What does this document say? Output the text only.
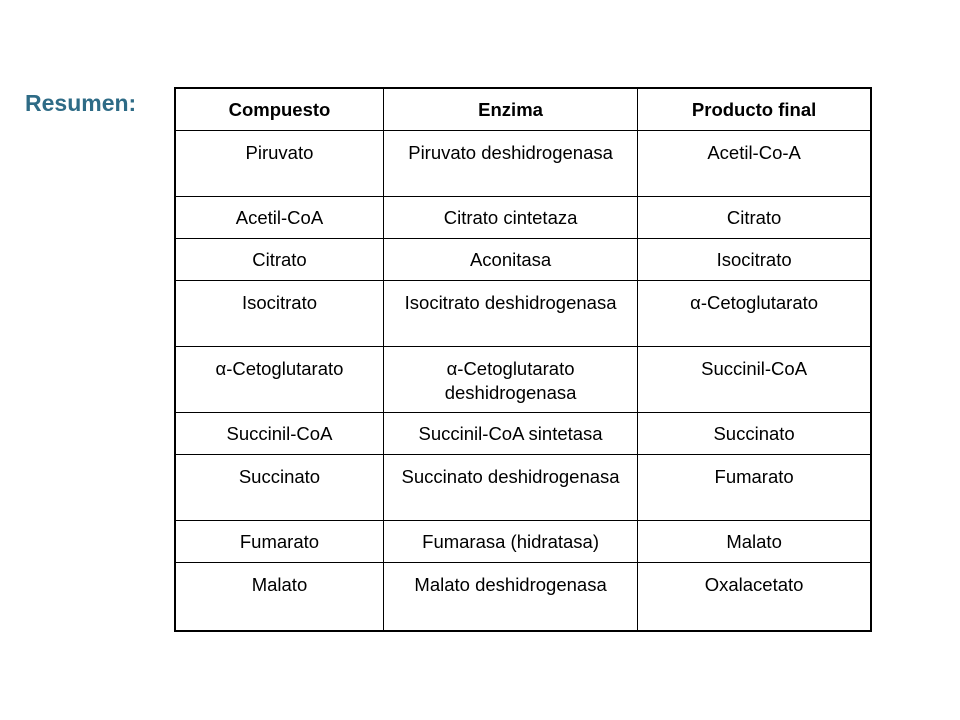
Resumen:	Compuesto	Enzima	Producto final
Piruvato	Piruvato deshidrogenasa	Acetil-Co-A
Acetil-CoA	Citrato cintetaza	Citrato
Citrato	Aconitasa	Isocitrato
Isocitrato	Isocitrato deshidrogenasa	α-Cetoglutarato
α-Cetoglutarato	α-Cetoglutarato deshidrogenasa	Succinil-CoA
Succinil-CoA	Succinil-CoA sintetasa	Succinato
Succinato	Succinato deshidrogenasa	Fumarato
Fumarato	Fumarasa (hidratasa)	Malato
Malato	Malato deshidrogenasa	Oxalacetato
